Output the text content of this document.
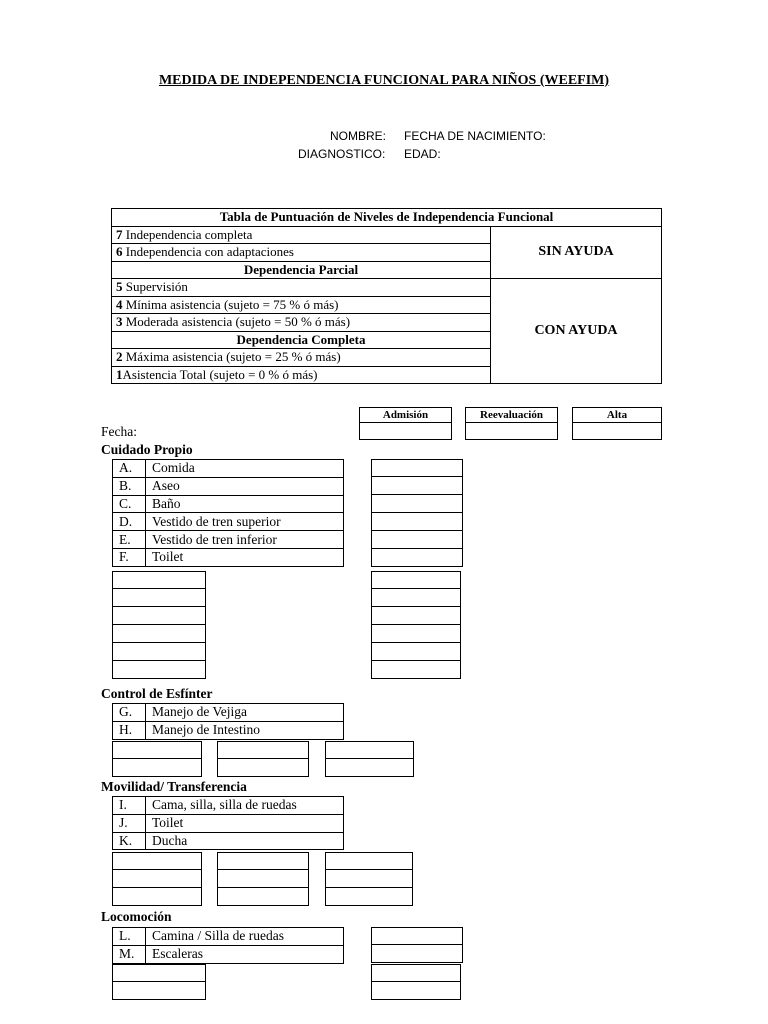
MEDIDA DE INDEPENDENCIA FUNCIONAL PARA NIÑOS (WEEFIM)
NOMBRE: FECHA DE NACIMIENTO:
DIAGNOSTICO: EDAD:
Tabla de Puntuación de Niveles de Independencia Funcional	
7 Independencia completa	SIN AYUDA
6 Independencia con adaptaciones	
Dependencia Parcial	
5 Supervisión	CON AYUDA
4 Mínima asistencia (sujeto = 75 % ó más)	
3 Moderada asistencia (sujeto = 50 % ó más)	
Dependencia Completa	
2 Máxima asistencia (sujeto = 25 % ó más)	
1Asistencia Total (sujeto = 0 % ó más)	
Admisión	Reevaluación	Alta
Fecha:
Cuidado Propio
A.	Comida
B.	Aseo
C.	Baño
D.	Vestido de tren superior
E.	Vestido de tren inferior
F.	Toilet
Control de Esfínter
G.	Manejo de Vejiga
H.	Manejo de Intestino
Movilidad/ Transferencia
I.	Cama, silla, silla de ruedas
J.	Toilet
K.	Ducha
Locomoción
L.	Camina / Silla de ruedas
M.	Escaleras
